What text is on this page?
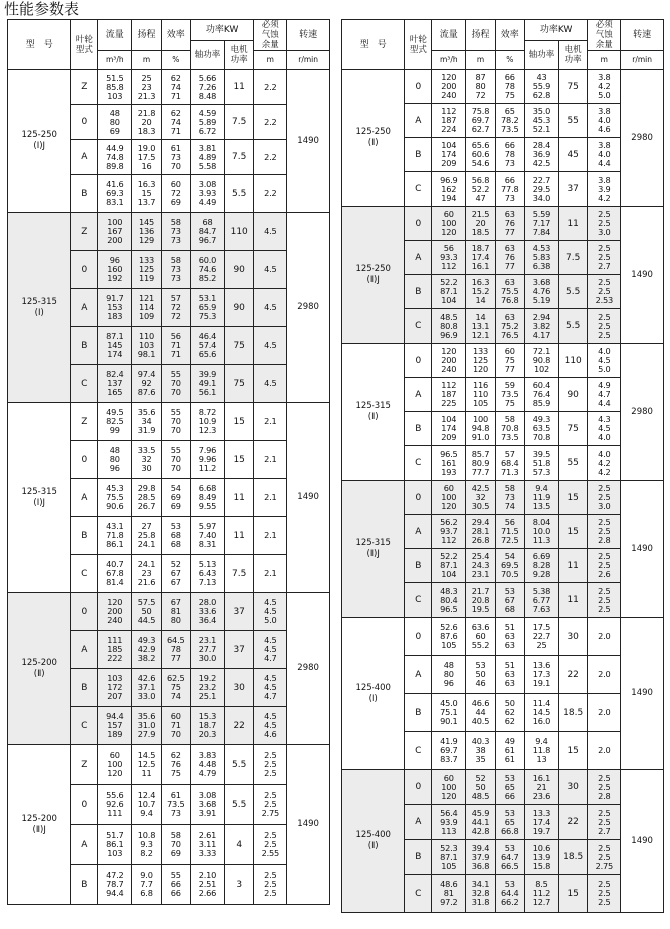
性能参数表
型　号	叶轮型式	流量	扬程	效率	功率KW		必须气蚀余量	转速
					轴功率	电机功率		
		m³/h	m	%			m	r/min
125-250
(Ⅰ)J	Z	51.5
85.8
103	25
23
21.3	62
74
71	5.66
7.26
8.48	11	2.2	1490
	0	48
80
69	21.8
20
18.3	62
74
71	4.59
5.89
6.72	7.5	2.2	
	A	44.9
74.8
89.8	19.0
17.5
16	61
73
70	3.81
4.89
5.58	7.5	2.2	
	B	41.6
69.3
83.1	16.3
15
13.7	60
72
69	3.08
3.93
4.49	5.5	2.2	
125-315
(Ⅰ)	Z	100
167
200	145
136
129	58
73
73	68
84.7
96.7	110	4.5	2980
	0	96
160
192	133
125
119	58
73
73	60.0
74.6
85.2	90	4.5	
	A	91.7
153
183	121
114
109	57
72
72	53.1
65.9
75.3	90	4.5	
	B	87.1
145
174	110
103
98.1	56
71
71	46.4
57.4
65.6	75	4.5	
	C	82.4
137
165	97.4
92
87.6	55
70
70	39.9
49.1
56.1	75	4.5	
125-315
(Ⅰ)J	Z	49.5
82.5
99	35.6
34
31.9	55
70
70	8.72
10.9
12.3	15	2.1	1490
	0	48
80
96	33.5
32
30	55
70
70	7.96
9.96
11.2	15	2.1	
	A	45.3
75.5
90.6	29.8
28.5
26.7	54
69
69	6.68
8.49
9.55	11	2.1	
	B	43.1
71.8
86.1	27
25.8
24.1	53
68
68	5.97
7.40
8.31	11	2.1	
	C	40.7
67.8
81.4	24.1
23
21.6	52
67
67	5.13
6.43
7.13	7.5	2.1	
125-200
(Ⅱ)	0	120
200
240	57.5
50
44.5	67
81
80	28.0
33.6
36.4	37	4.5
4.5
5.0	2980
	A	111
185
222	49.3
42.9
38.2	64.5
78
77	23.1
27.7
30.0	37	4.5
4.5
4.7	
	B	103
172
207	42.6
37.1
33.0	62.5
75
74	19.2
23.2
25.1	30	4.5
4.5
4.7	
	C	94.4
157
189	35.6
31.0
27.9	60
71
70	15.3
18.7
20.3	22	4.5
4.5
4.6	
125-200
(Ⅱ)J	Z	60
100
120	14.5
12.5
11	62
76
75	3.83
4.48
4.79	5.5	2.5
2.5
2.5	1490
	0	55.6
92.6
111	12.4
10.7
9.4	61
73.5
73	3.08
3.68
3.91	5.5	2.5
2.5
2.75	
	A	51.7
86.1
103	10.8
9.3
8.2	58
70
69	2.61
3.11
3.33	4	2.5
2.5
2.55	
	B	47.2
78.7
94.4	9.0
7.7
6.8	55
66
66	2.10
2.51
2.66	3	2.5
2.5
2.5	
型　号	叶轮型式	流量	扬程	效率	功率KW		必须气蚀余量	转速
					轴功率	电机功率		
		m³/h	m	%			m	r/min
125-250
(Ⅱ)	0	120
200
240	87
80
72	66
78
75	43
55.9
62.8	75	3.8
4.2
5.0	2980
	A	112
187
224	75.8
69.7
62.7	65
78.2
73.5	35.0
45.3
52.1	55	3.8
4.0
4.6	
	B	104
174
209	65.6
60.6
54.6	66
78
73	28.4
36.9
42.5	45	3.8
4.0
4.4	
	C	96.9
162
194	56.8
52.2
47	66
77.8
73	22.7
29.5
34.0	37	3.8
3.9
4.2	
125-250
(Ⅱ)J	0	60
100
120	21.5
20
18.5	63
76
77	5.59
7.17
7.84	11	2.5
2.5
3.0	1490
	A	56
93.3
112	18.7
17.4
16.1	63
76
77	4.53
5.83
6.38	7.5	2.5
2.5
2.7	
	B	52.2
87.1
104	16.3
15.2
14	63
75.5
76.8	3.68
4.76
5.19	5.5	2.5
2.5
2.53	
	C	48.5
80.8
96.9	14
13.1
12.1	63
75.2
76.5	2.94
3.82
4.17	5.5	2.5
2.5
2.5	
125-315
(Ⅱ)	0	120
200
240	133
125
120	60
75
77	72.1
90.8
102	110	4.0
4.5
5.0	2980
	A	112
187
225	116
110
105	59
73.5
75	60.4
76.4
85.9	90	4.9
4.7
4.4	
	B	104
174
209	100
94.8
91.0	58
70.8
73.5	49.3
63.5
70.8	75	4.3
4.5
4.0	
	C	96.5
161
193	85.7
80.9
77.7	57
68.4
71.3	39.5
51.8
57.3	55	4.0
4.2
4.2	
125-315
(Ⅱ)J	0	60
100
120	42.5
32
30.5	58
73
74	9.4
11.9
13.5	15	2.5
2.5
3.0	1490
	A	56.2
93.7
112	29.4
28.1
26.8	56
71.5
72.5	8.04
10.0
11.3	15	2.5
2.5
2.8	
	B	52.2
87.1
104	25.4
24.3
23.1	54
69.5
70.5	6.69
8.28
9.28	11	2.5
2.5
2.6	
	C	48.3
80.4
96.5	21.7
20.8
19.5	53
67
68	5.38
6.77
7.63	11	2.5
2.5
2.5	
125-400
(Ⅰ)	0	52.6
87.6
105	63.6
60
55.2	51
63
63	17.5
22.7
25	30	2.0	1490
	A	48
80
96	53
50
46	51
63
63	13.6
17.3
19.1	22	2.0	
	B	45.0
75.1
90.1	46.6
44
40.5	50
62
62	11.4
14.5
16.0	18.5	2.0	
	C	41.9
69.7
83.7	40.3
38
35	49
61
61	9.4
11.8
13	15	2.0	
125-400
(Ⅱ)	0	60
100
120	52
50
48.5	53
65
66	16.1
21
23.6	30	2.5
2.5
2.8	1490
	A	56.4
93.9
113	45.9
44.1
42.8	53
65
66.8	13.3
17.4
19.7	22	2.5
2.5
2.7	
	B	52.3
87.1
105	39.4
37.9
36.8	53
64.7
66.5	10.6
13.9
15.8	18.5	2.5
2.5
2.75	
	C	48.6
81
97.2	34.1
32.8
31.8	53
64.4
66.2	8.5
11.2
12.7	15	2.5
2.5
2.5	
